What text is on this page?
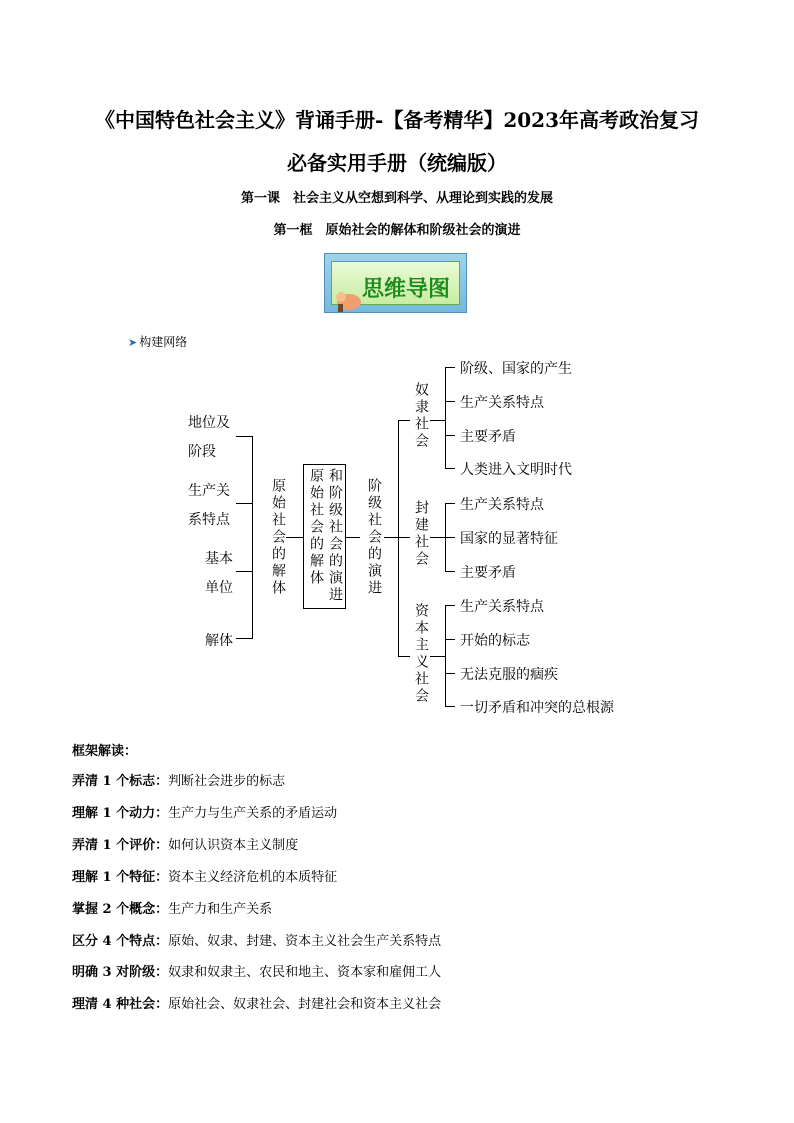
《中国特色社会主义》背诵手册-【备考精华】2023年高考政治复习
必备实用手册（统编版）
第一课　社会主义从空想到科学、从理论到实践的发展
第一框　原始社会的解体和阶级社会的演进
思维导图
➤ 构建网络
地位及
阶段
生产关
系特点
基本
单位
解体
原始社会的解体 原始社会的解体 和阶级社会的演进 阶级社会的演进
奴隶社会
阶级、国家的产生
生产关系特点
主要矛盾
人类进入文明时代
封建社会 生产关系特点
国家的显著特征
主要矛盾
资本主义社会 生产关系特点
开始的标志
无法克服的痼疾
一切矛盾和冲突的总根源
框架解读：
弄清 1 个标志：判断社会进步的标志
理解 1 个动力：生产力与生产关系的矛盾运动
弄清 1 个评价：如何认识资本主义制度
理解 1 个特征：资本主义经济危机的本质特征
掌握 2 个概念：生产力和生产关系
区分 4 个特点：原始、奴隶、封建、资本主义社会生产关系特点
明确 3 对阶级：奴隶和奴隶主、农民和地主、资本家和雇佣工人
理清 4 种社会：原始社会、奴隶社会、封建社会和资本主义社会
